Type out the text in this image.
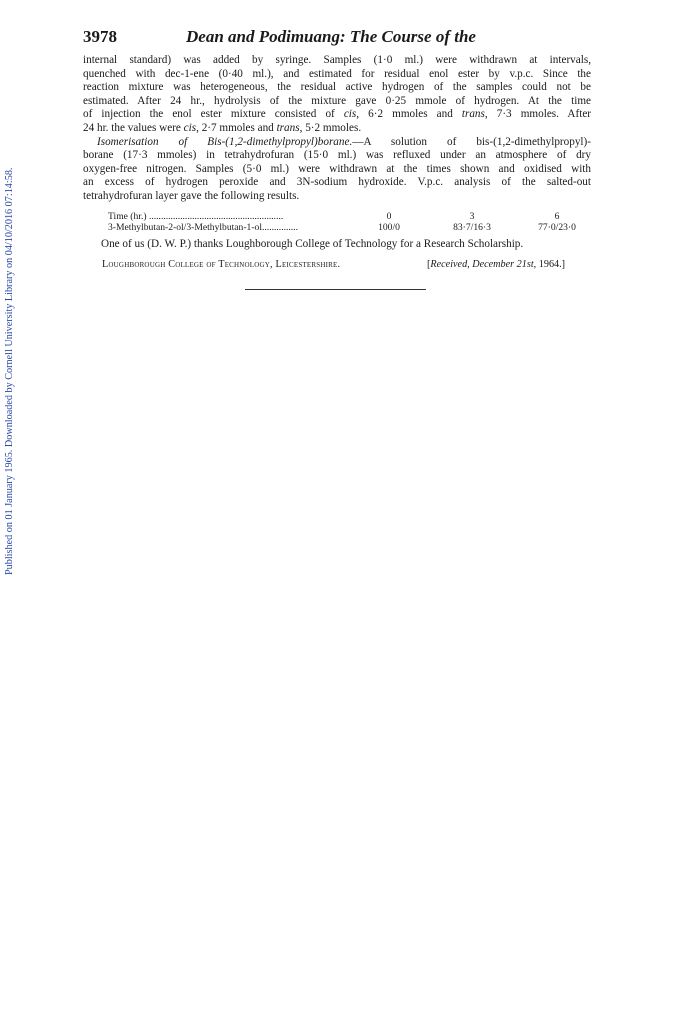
3978	Dean and Podimuang: The Course of the
Published on 01 January 1965. Downloaded by Cornell University Library on 04/10/2016 07:14:58.

internal standard) was added by syringe. Samples (1·0 ml.) were withdrawn at intervals,
quenched with dec-1-ene (0·40 ml.), and estimated for residual enol ester by v.p.c. Since the
reaction mixture was heterogeneous, the residual active hydrogen of the samples could not be
estimated. After 24 hr., hydrolysis of the mixture gave 0·25 mmole of hydrogen. At the time
of injection the enol ester mixture consisted of cis, 6·2 mmoles and trans, 7·3 mmoles. After
24 hr. the values were cis, 2·7 mmoles and trans, 5·2 mmoles.

Isomerisation of Bis-(1,2-dimethylpropyl)borane.—A solution of bis-(1,2-dimethylpropyl)-
borane (17·3 mmoles) in tetrahydrofuran (15·0 ml.) was refluxed under an atmosphere of dry
oxygen-free nitrogen. Samples (5·0 ml.) were withdrawn at the times shown and oxidised with
an excess of hydrogen peroxide and 3N-sodium hydroxide. V.p.c. analysis of the salted-out
tetrahydrofuran layer gave the following results.

Time (hr.) ........................................................	0	3	6
3-Methylbutan-2-ol/3-Methylbutan-1-ol...............	100/0	83·7/16·3	77·0/23·0
One of us (D. W. P.) thanks Loughborough College of Technology for a Research Scholarship.
Loughborough College of Technology, Leicestershire.	[Received, December 21st, 1964.]
